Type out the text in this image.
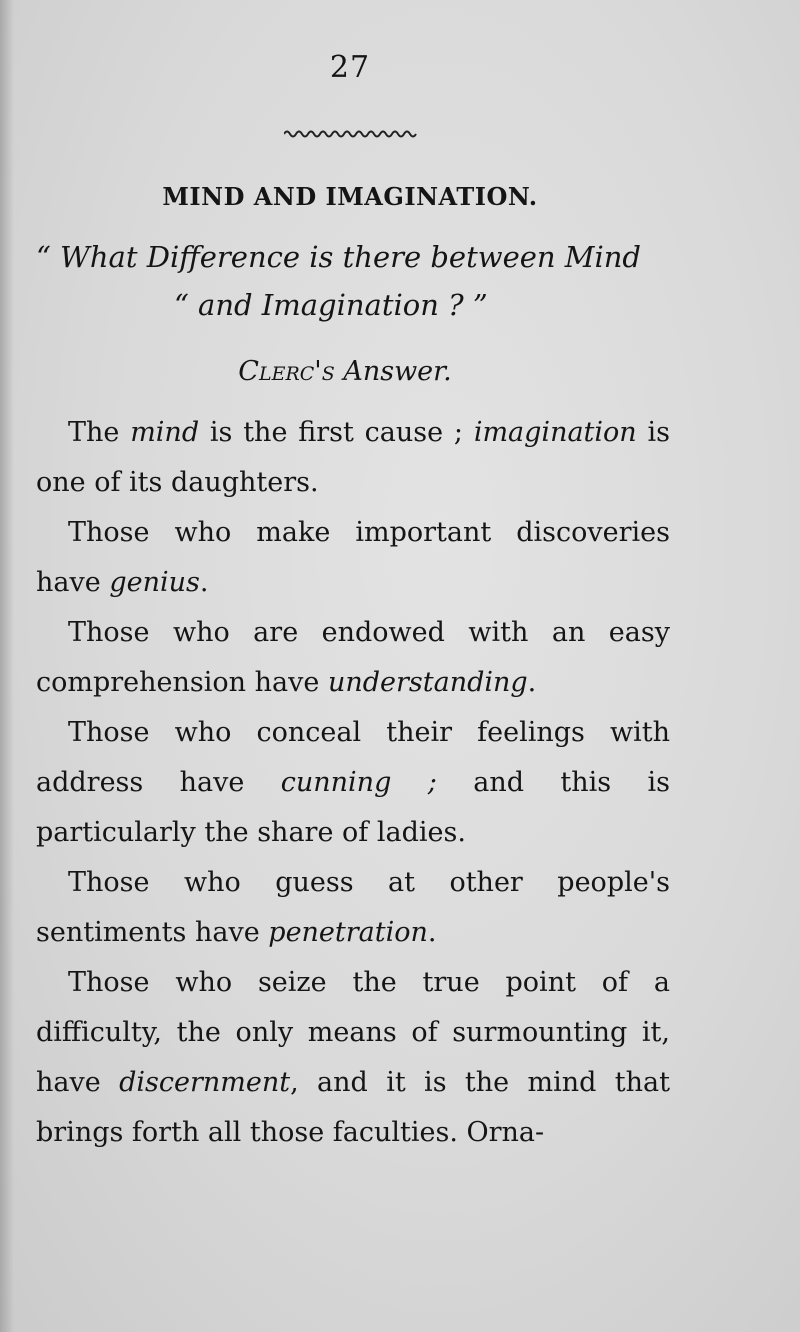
27
MIND AND IMAGINATION.
“ What Difference is there between Mind
“ and Imagination ? ”
Clerc's Answer.

The mind is the first cause ; imagination is one of its daughters.

Those who make important discoveries have genius.

Those who are endowed with an easy comprehension have understanding.

Those who conceal their feelings with address have cunning ; and this is particularly the share of ladies.

Those who guess at other people's sentiments have penetration.

Those who seize the true point of a difficulty, the only means of surmounting it, have discernment, and it is the mind that brings forth all those faculties. Orna-
